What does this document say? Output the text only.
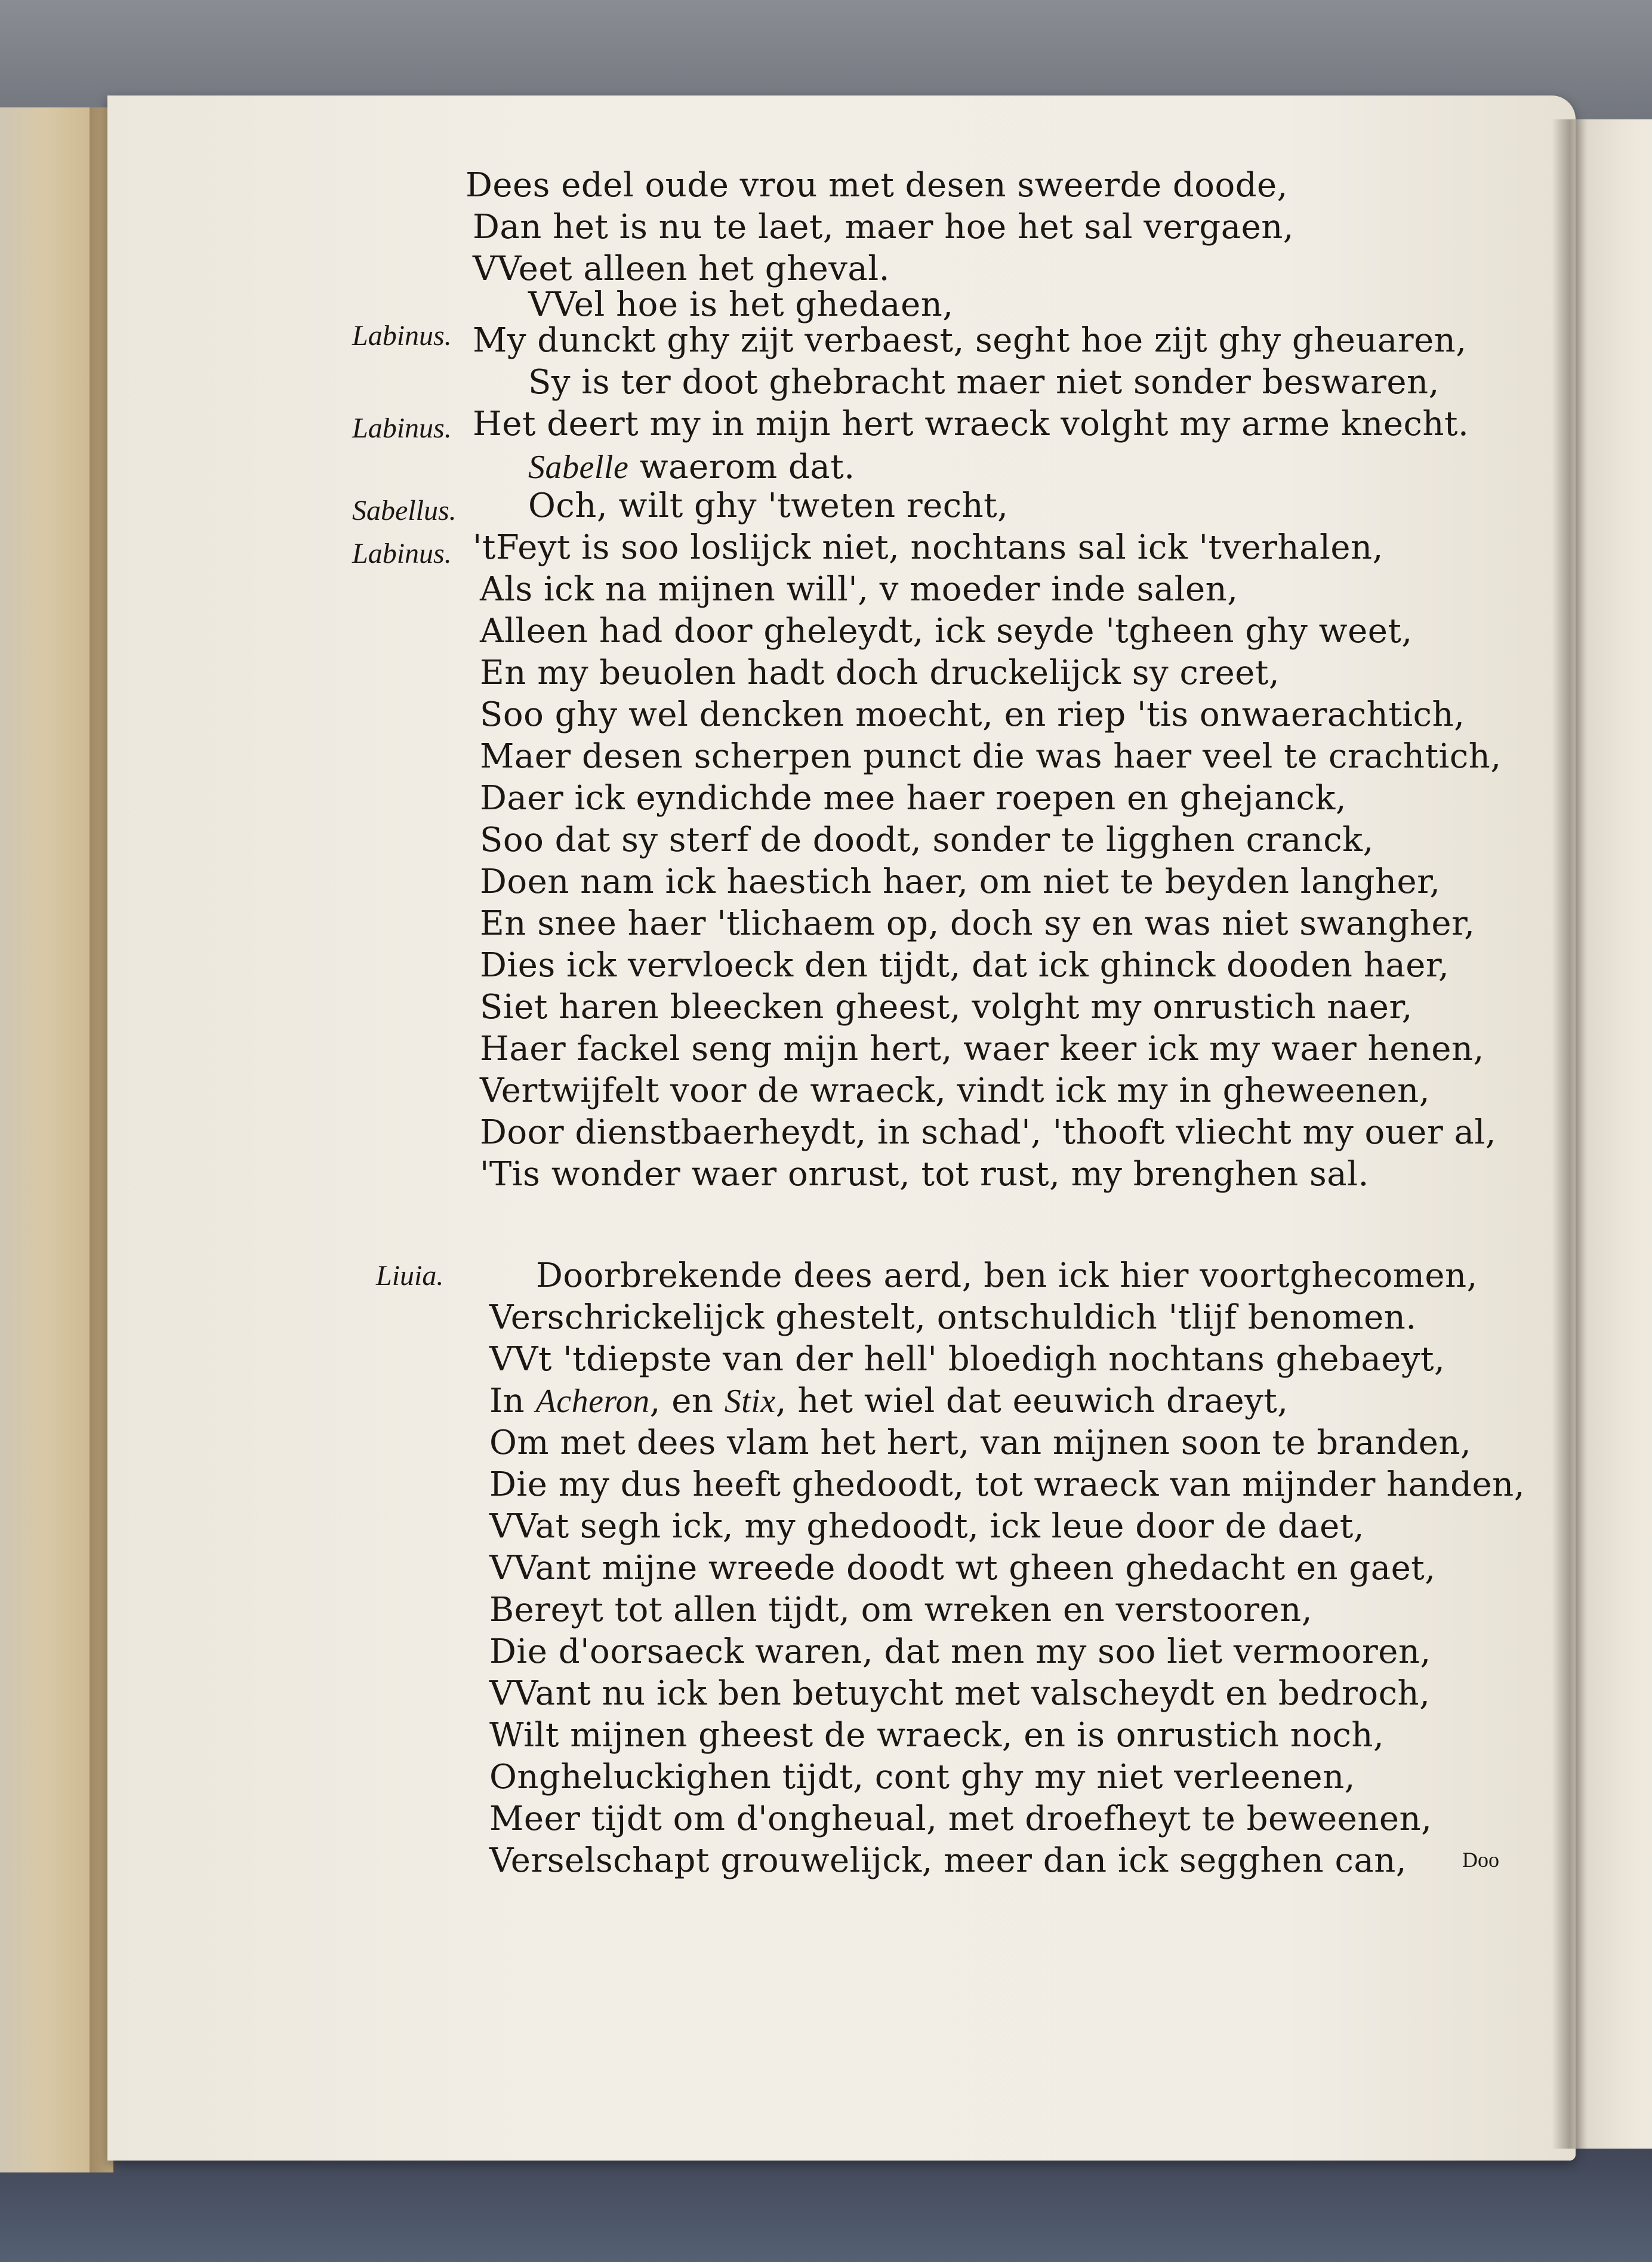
Labinus.
Labinus.
Sabellus.
Labinus.
Liuia.
Dees edel oude vrou met desen sweerde doode,
Dan het is nu te laet, maer hoe het sal vergaen,
VVeet alleen het gheval.
VVel hoe is het ghedaen,
My dunckt ghy zijt verbaest, seght hoe zijt ghy gheuaren,
Sy is ter doot ghebracht maer niet sonder beswaren,
Het deert my in mijn hert wraeck volght my arme knecht.
Sabelle waerom dat.
Och, wilt ghy 'tweten recht,
'tFeyt is soo loslijck niet, nochtans sal ick 'tverhalen,
Als ick na mijnen will', v moeder inde salen,
Alleen had door gheleydt, ick seyde 'tgheen ghy weet,
En my beuolen hadt doch druckelijck sy creet,
Soo ghy wel dencken moecht, en riep 'tis onwaerachtich,
Maer desen scherpen punct die was haer veel te crachtich,
Daer ick eyndichde mee haer roepen en ghejanck,
Soo dat sy sterf de doodt, sonder te ligghen cranck,
Doen nam ick haestich haer, om niet te beyden langher,
En snee haer 'tlichaem op, doch sy en was niet swangher,
Dies ick vervloeck den tijdt, dat ick ghinck dooden haer,
Siet haren bleecken gheest, volght my onrustich naer,
Haer fackel seng mijn hert, waer keer ick my waer henen,
Vertwijfelt voor de wraeck, vindt ick my in gheweenen,
Door dienstbaerheydt, in schad', 'thooft vliecht my ouer al,
'Tis wonder waer onrust, tot rust, my brenghen sal.
Doorbrekende dees aerd, ben ick hier voortghecomen,
Verschrickelijck ghestelt, ontschuldich 'tlijf benomen.
VVt 'tdiepste van der hell' bloedigh nochtans ghebaeyt,
In Acheron, en Stix, het wiel dat eeuwich draeyt,
Om met dees vlam het hert, van mijnen soon te branden,
Die my dus heeft ghedoodt, tot wraeck van mijnder handen,
VVat segh ick, my ghedoodt, ick leue door de daet,
VVant mijne wreede doodt wt gheen ghedacht en gaet,
Bereyt tot allen tijdt, om wreken en verstooren,
Die d'oorsaeck waren, dat men my soo liet vermooren,
VVant nu ick ben betuycht met valscheydt en bedroch,
Wilt mijnen gheest de wraeck, en is onrustich noch,
Ongheluckighen tijdt, cont ghy my niet verleenen,
Meer tijdt om d'ongheual, met droefheyt te beweenen,
Verselschapt grouwelijck, meer dan ick segghen can,	Doo
